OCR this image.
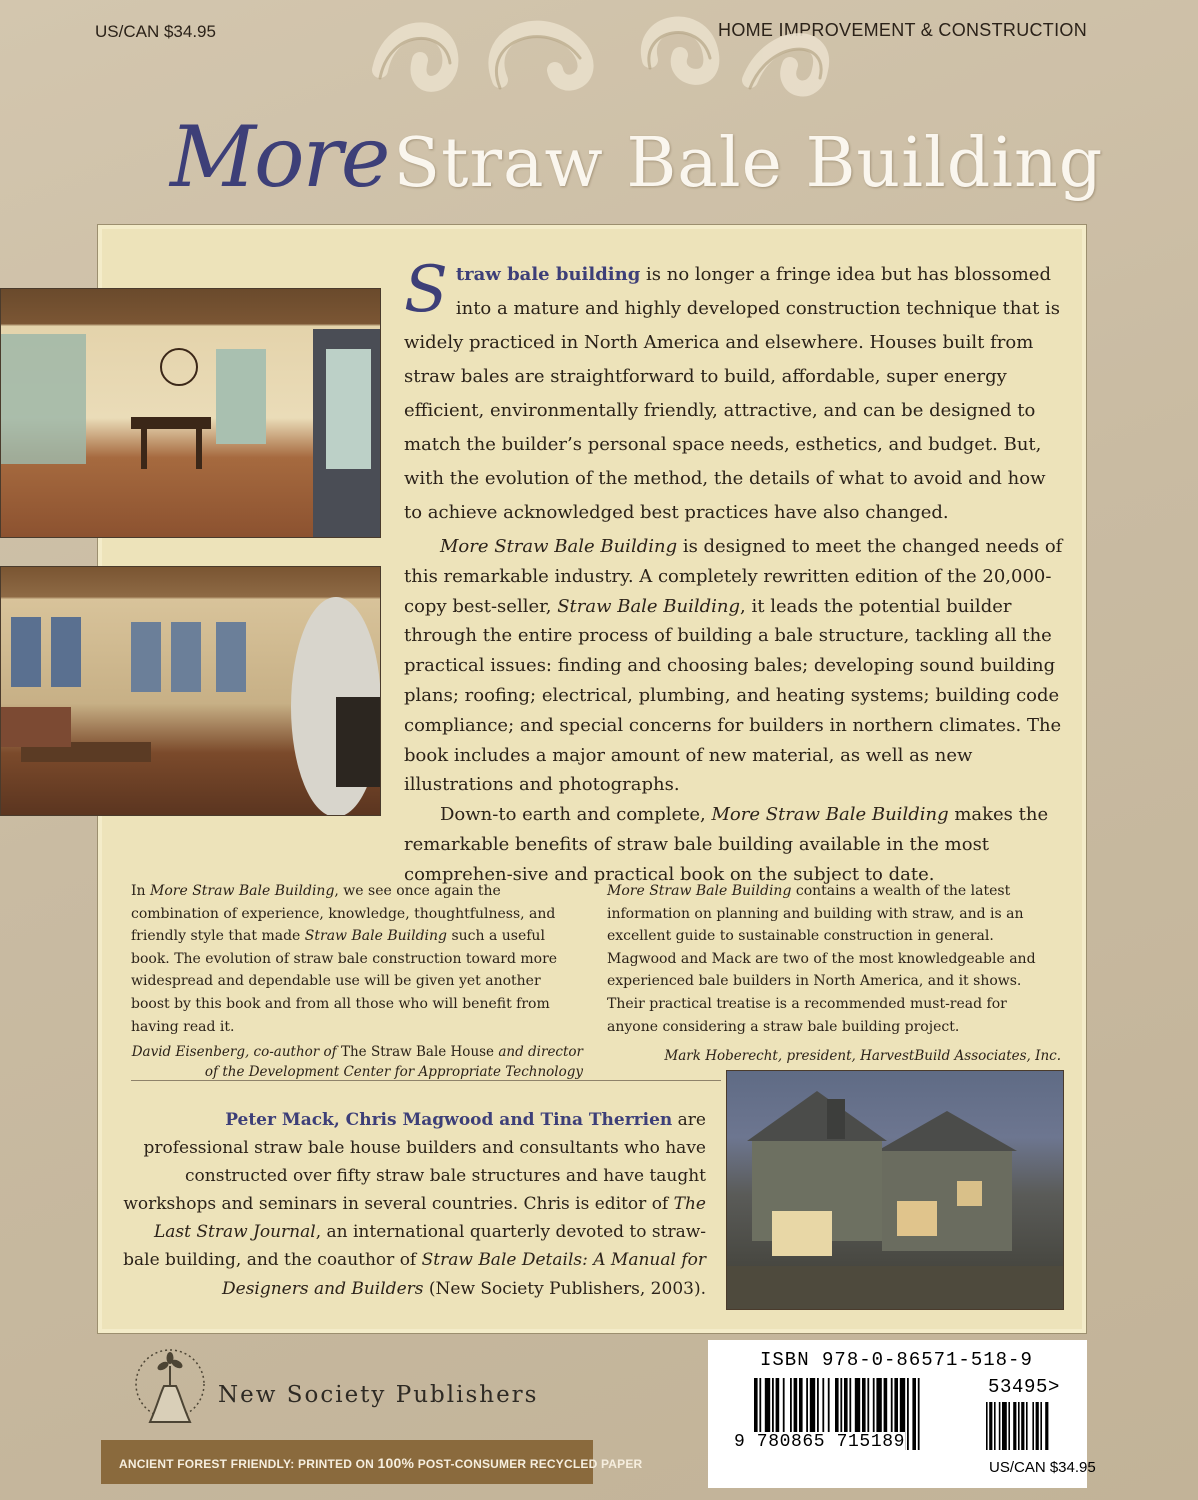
US/CAN $34.95	HOME IMPROVEMENT & CONSTRUCTION
More Straw Bale Building

Straw bale building is no longer a fringe idea but has blossomed into a mature and highly developed construction technique that is widely practiced in North America and elsewhere. Houses built from straw bales are straightforward to build, affordable, super energy efficient, environmentally friendly, attractive, and can be designed to match the builder’s personal space needs, esthetics, and budget. But, with the evolution of the method, the details of what to avoid and how to achieve acknowledged best practices have also changed.

More Straw Bale Building is designed to meet the changed needs of this remarkable industry. A completely rewritten edition of the 20,000-copy best-seller, Straw Bale Building, it leads the potential builder through the entire process of building a bale structure, tackling all the practical issues: finding and choosing bales; developing sound building plans; roofing; electrical, plumbing, and heating systems; building code compliance; and special concerns for builders in northern climates. The book includes a major amount of new material, as well as new illustrations and photographs.

Down-to earth and complete, More Straw Bale Building makes the remarkable benefits of straw bale building available in the most comprehen-sive and practical book on the subject to date.

In More Straw Bale Building, we see once again the combination of experience, knowledge, thoughtfulness, and friendly style that made Straw Bale Building such a useful book. The evolution of straw bale construction toward more widespread and dependable use will be given yet another boost by this book and from all those who will benefit from having read it.
David Eisenberg, co-author of The Straw Bale House and director of the Development Center for Appropriate Technology
More Straw Bale Building contains a wealth of the latest information on planning and building with straw, and is an excellent guide to sustainable construction in general. Magwood and Mack are two of the most knowledgeable and experienced bale builders in North America, and it shows. Their practical treatise is a recommended must-read for anyone considering a straw bale building project.
Mark Hoberecht, president, HarvestBuild Associates, Inc.
Peter Mack, Chris Magwood and Tina Therrien are professional straw bale house builders and consultants who have constructed over fifty straw bale structures and have taught workshops and seminars in several countries. Chris is editor of The Last Straw Journal, an international quarterly devoted to straw-bale building, and the coauthor of Straw Bale Details: A Manual for Designers and Builders (New Society Publishers, 2003).
New Society Publishers
ISBN 978-0-86571-518-9
53495>
9 780865 715189
US/CAN $34.95
ANCIENT FOREST FRIENDLY: PRINTED ON 100% POST-CONSUMER RECYCLED PAPER
